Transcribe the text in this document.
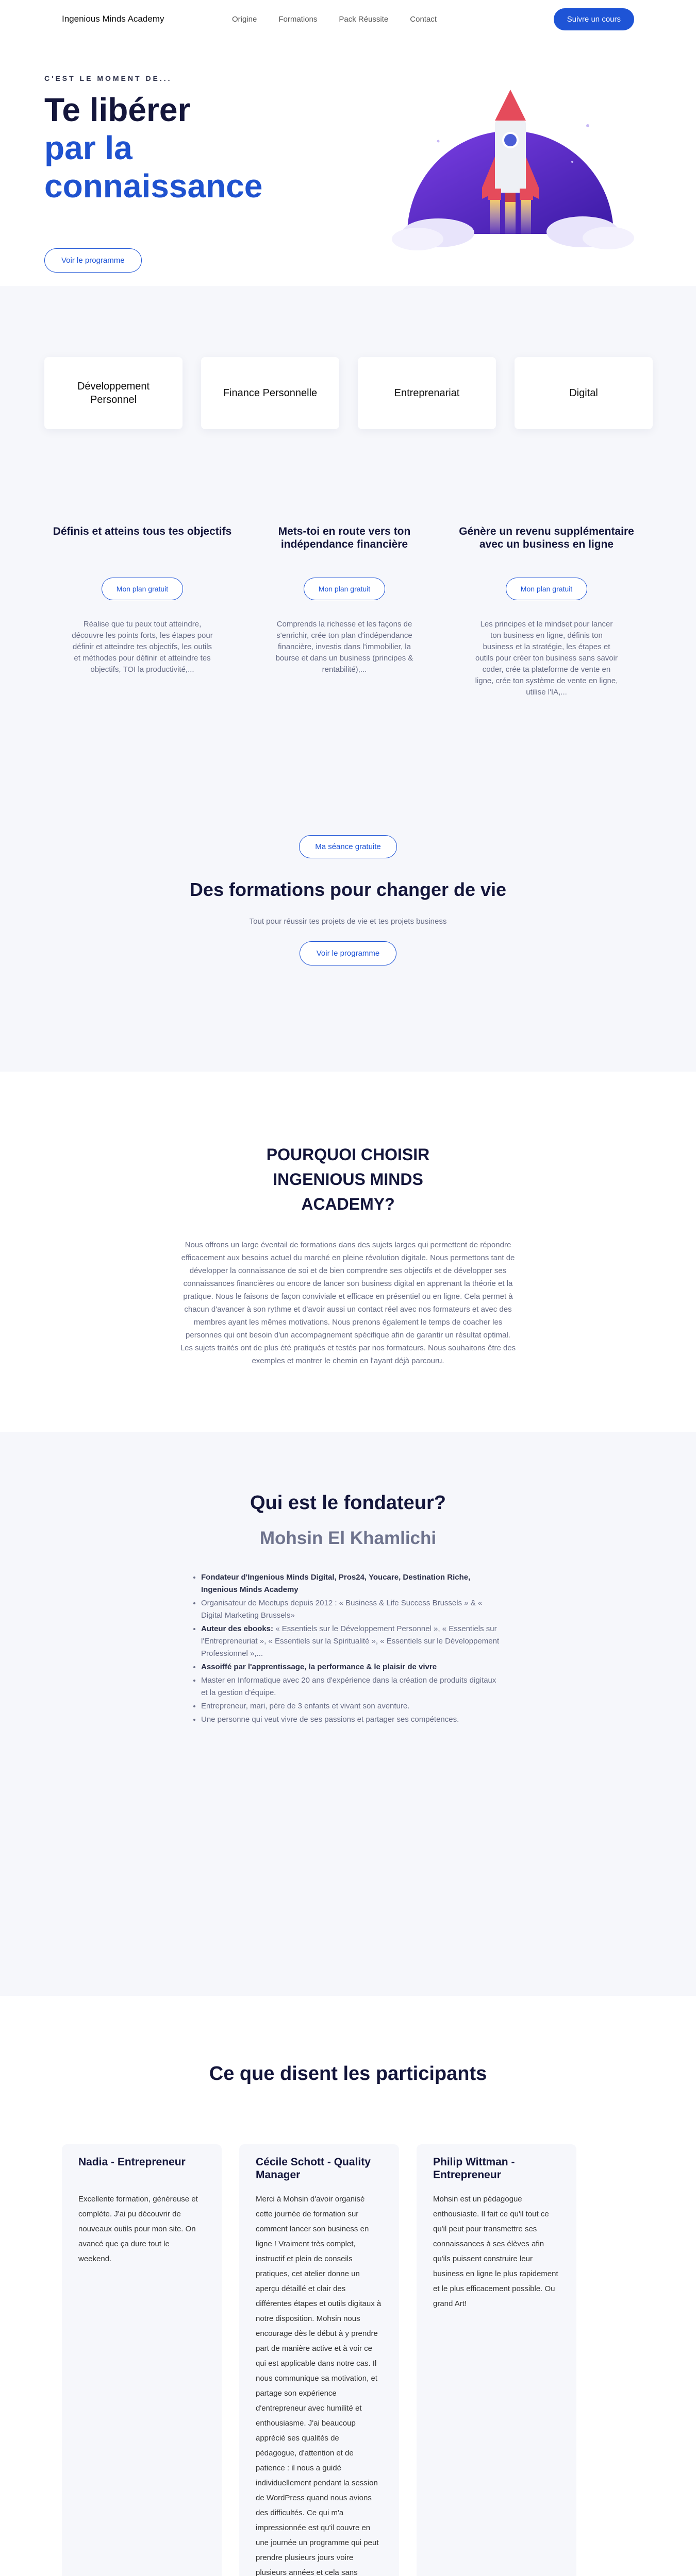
Ingenious Minds Academy	Origine	Formations	Pack Réussite	Contact	Suivre un cours
C'EST LE MOMENT DE...
Te libérer
par la
connaissance
Voir le programme
Développement Personnel
Finance Personnelle	Entreprenariat	Digital
Définis et atteins tous tes objectifs
Mon plan gratuit

Réalise que tu peux tout atteindre, découvre les points forts, les étapes pour définir et atteindre tes objectifs, les outils et méthodes pour définir et atteindre tes objectifs, TOI la productivité,...

Mets-toi en route vers ton indépendance financière
Mon plan gratuit

Comprends la richesse et les façons de s'enrichir, crée ton plan d'indépendance financière, investis dans l'immobilier, la bourse et dans un business (principes & rentabilité),...

Génère un revenu supplémentaire avec un business en ligne
Mon plan gratuit

Les principes et le mindset pour lancer ton business en ligne, définis ton business et la stratégie, les étapes et outils pour créer ton business sans savoir coder, crée ta plateforme de vente en ligne, crée ton système de vente en ligne, utilise l'IA,...

Ma séance gratuite
Des formations pour changer de vie
Tout pour réussir tes projets de vie et tes projets business
Voir le programme
POURQUOI CHOISIR INGENIOUS MINDS ACADEMY?
Nous offrons un large éventail de formations dans des sujets larges qui permettent de répondre efficacement aux besoins actuel du marché en pleine révolution digitale. Nous permettons tant de développer la connaissance de soi et de bien comprendre ses objectifs et de développer ses connaissances financières ou encore de lancer son business digital en apprenant la théorie et la pratique. Nous le faisons de façon conviviale et efficace en présentiel ou en ligne. Cela permet à chacun d'avancer à son rythme et d'avoir aussi un contact réel avec nos formateurs et avec des membres ayant les mêmes motivations. Nous prenons également le temps de coacher les personnes qui ont besoin d'un accompagnement spécifique afin de garantir un résultat optimal. Les sujets traités ont de plus été pratiqués et testés par nos formateurs. Nous souhaitons être des exemples et montrer le chemin en l'ayant déjà parcouru.
Qui est le fondateur?
Mohsin El Khamlichi
• Fondateur d'Ingenious Minds Digital, Pros24, Youcare, Destination Riche, Ingenious Minds Academy
• Organisateur de Meetups depuis 2012 : « Business & Life Success Brussels » & « Digital Marketing Brussels»
• Auteur des ebooks: « Essentiels sur le Développement Personnel », « Essentiels sur l'Entrepreneuriat », « Essentiels sur la Spiritualité », « Essentiels sur le Développement Professionnel »,...
• Assoiffé par l'apprentissage, la performance & le plaisir de vivre
• Master en Informatique avec 20 ans d'expérience dans la création de produits digitaux et la gestion d'équipe.
• Entrepreneur, mari, père de 3 enfants et vivant son aventure.
• Une personne qui veut vivre de ses passions et partager ses compétences.
Ce que disent les participants
Nadia - Entrepreneur

Excellente formation, généreuse et complète. J'ai pu découvrir de nouveaux outils pour mon site. On avancé que ça dure tout le weekend.

Cécile Schott - Quality Manager

Merci à Mohsin d'avoir organisé cette journée de formation sur comment lancer son business en ligne ! Vraiment très complet, instructif et plein de conseils pratiques, cet atelier donne un aperçu détaillé et clair des différentes étapes et outils digitaux à notre disposition. Mohsin nous encourage dès le début à y prendre part de manière active et à voir ce qui est applicable dans notre cas. Il nous communique sa motivation, et partage son expérience d'entrepreneur avec humilité et enthousiasme. J'ai beaucoup apprécié ses qualités de pédagogue, d'attention et de patience : il nous a guidé individuellement pendant la session de WordPress quand nous avions des difficultés. Ce qui m'a impressionnée est qu'il couvre en une journée un programme qui peut prendre plusieurs jours voire plusieurs années et cela sans

Philip Wittman - Entrepreneur

Mohsin est un pédagogue enthousiaste. Il fait ce qu'il tout ce qu'il peut pour transmettre ses connaissances à ses élèves afin qu'ils puissent construire leur business en ligne le plus rapidement et le plus efficacement possible. Ou grand Art!
